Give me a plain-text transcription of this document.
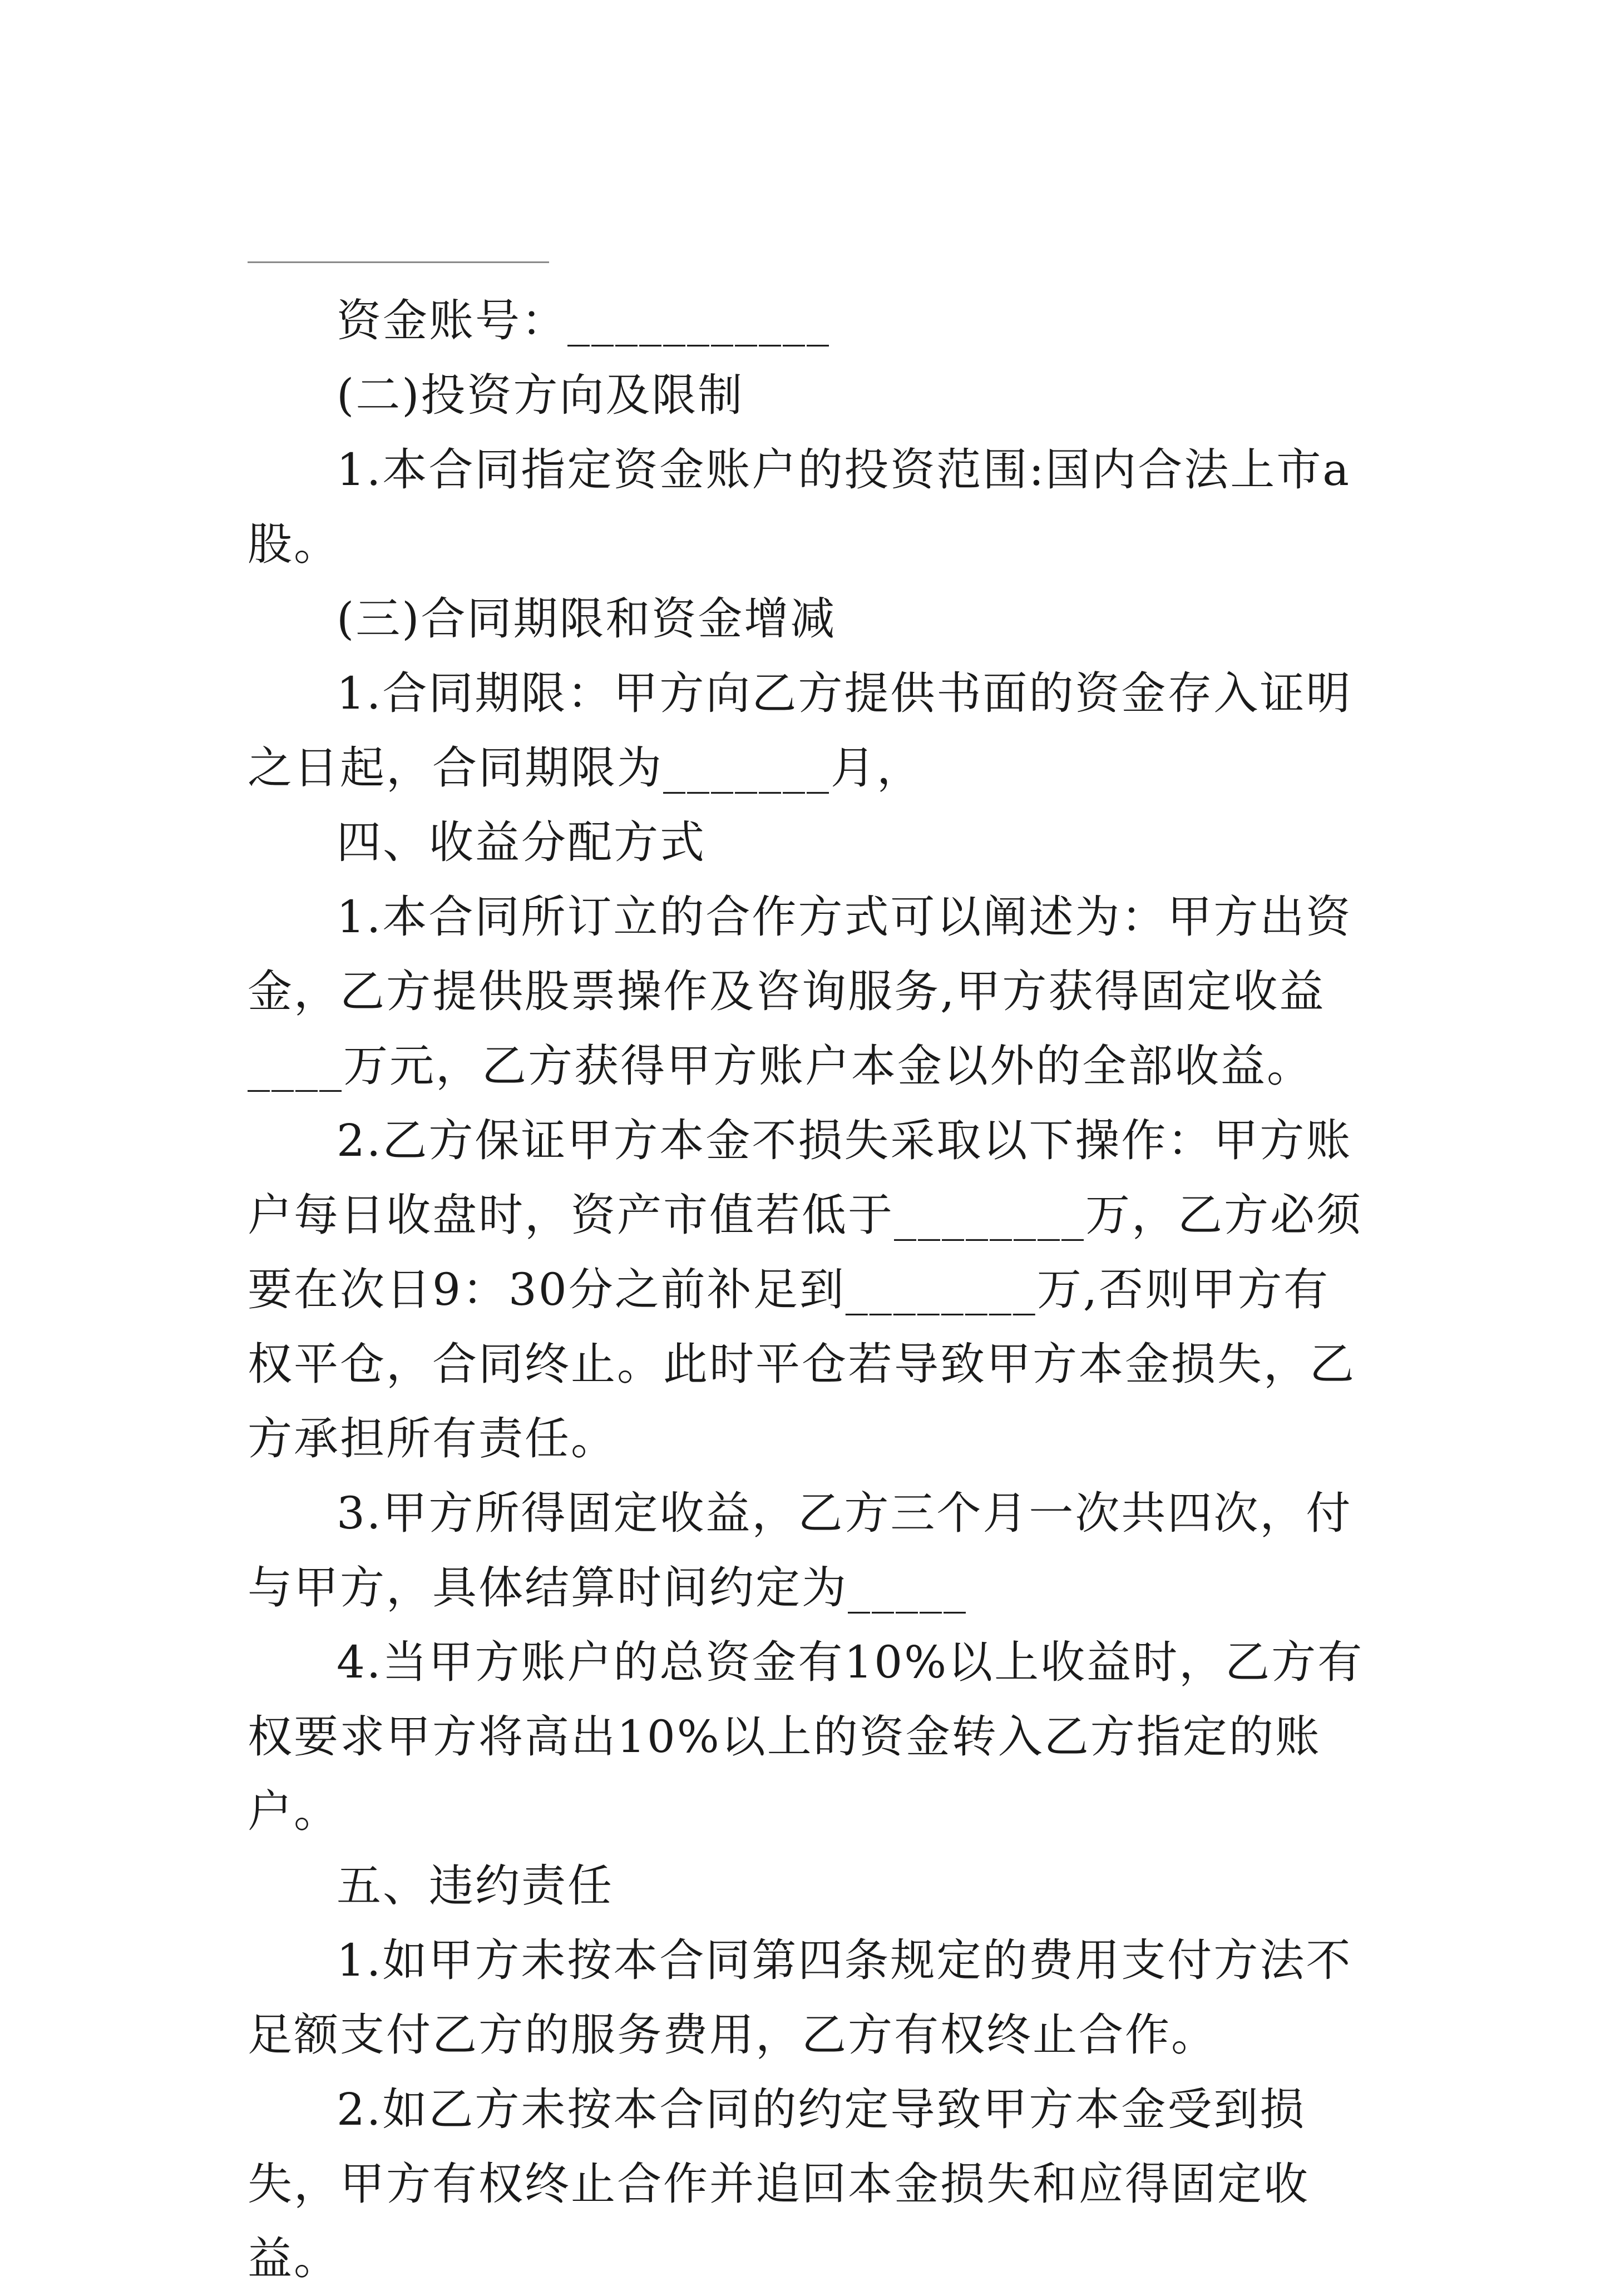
资金账号：___________

(二)投资方向及限制

1.本合同指定资金账户的投资范围:国内合法上市a股。

(三)合同期限和资金增减

1.合同期限：甲方向乙方提供书面的资金存入证明之日起，合同期限为_______月，

四、收益分配方式

1.本合同所订立的合作方式可以阐述为：甲方出资金，乙方提供股票操作及咨询服务,甲方获得固定收益____万元，乙方获得甲方账户本金以外的全部收益。

2.乙方保证甲方本金不损失采取以下操作：甲方账户每日收盘时，资产市值若低于________万，乙方必须要在次日9：30分之前补足到________万,否则甲方有权平仓，合同终止。此时平仓若导致甲方本金损失，乙方承担所有责任。

3.甲方所得固定收益，乙方三个月一次共四次，付与甲方，具体结算时间约定为_____

4.当甲方账户的总资金有10%以上收益时，乙方有权要求甲方将高出10%以上的资金转入乙方指定的账户。

五、违约责任

1.如甲方未按本合同第四条规定的费用支付方法不足额支付乙方的服务费用，乙方有权终止合作。

2.如乙方未按本合同的约定导致甲方本金受到损失，甲方有权终止合作并追回本金损失和应得固定收益。
